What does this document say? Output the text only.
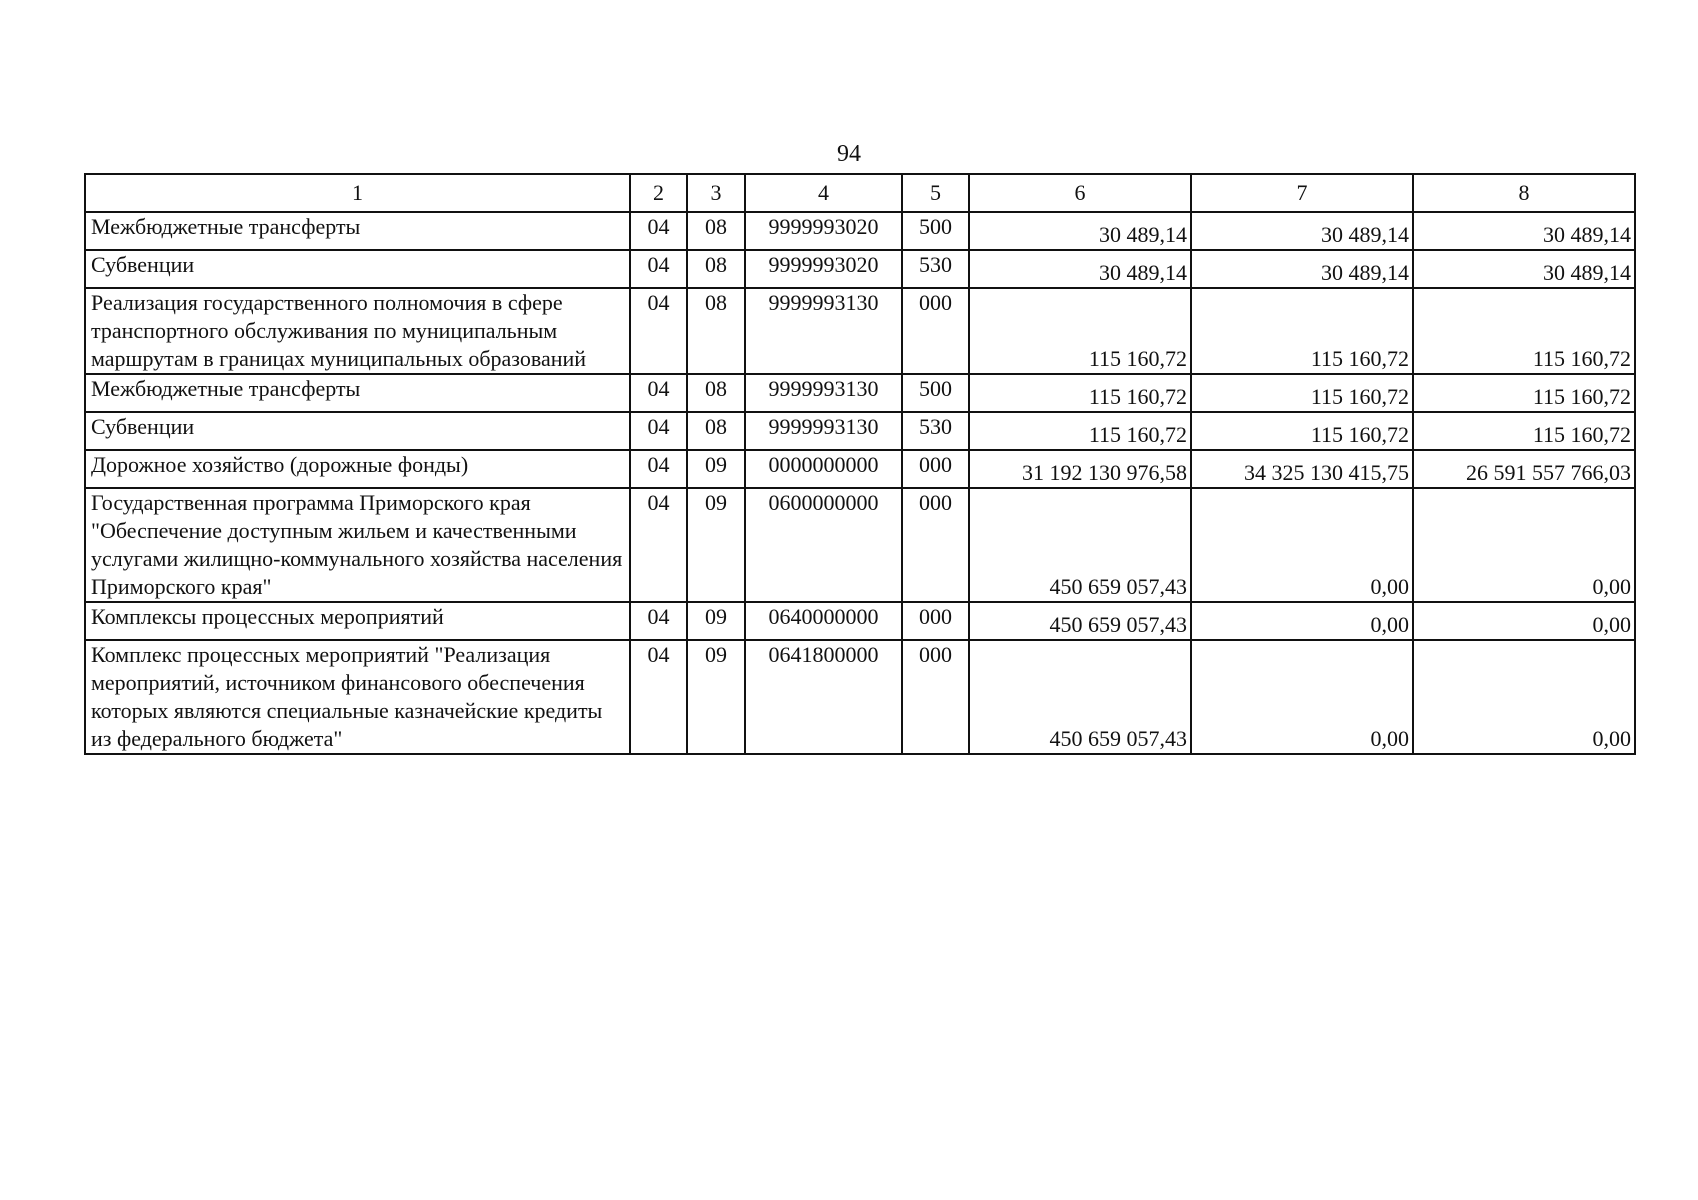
94
1	2	3	4	5	6	7	8
Межбюджетные трансферты	04	08	9999993020	500	30 489,14	30 489,14	30 489,14
Субвенции	04	08	9999993020	530	30 489,14	30 489,14	30 489,14
Реализация государственного полномочия в сфере транспортного обслуживания по муниципальным маршрутам в границах муниципальных образований	04	08	9999993130	000	115 160,72	115 160,72	115 160,72
Межбюджетные трансферты	04	08	9999993130	500	115 160,72	115 160,72	115 160,72
Субвенции	04	08	9999993130	530	115 160,72	115 160,72	115 160,72
Дорожное хозяйство (дорожные фонды)	04	09	0000000000	000	31 192 130 976,58	34 325 130 415,75	26 591 557 766,03
Государственная программа Приморского края "Обеспечение доступным жильем и качественными услугами жилищно-коммунального хозяйства населения Приморского края"	04	09	0600000000	000	450 659 057,43	0,00	0,00
Комплексы процессных мероприятий	04	09	0640000000	000	450 659 057,43	0,00	0,00
Комплекс процессных мероприятий "Реализация мероприятий, источником финансового обеспечения которых являются специальные казначейские кредиты из федерального бюджета"	04	09	0641800000	000	450 659 057,43	0,00	0,00
